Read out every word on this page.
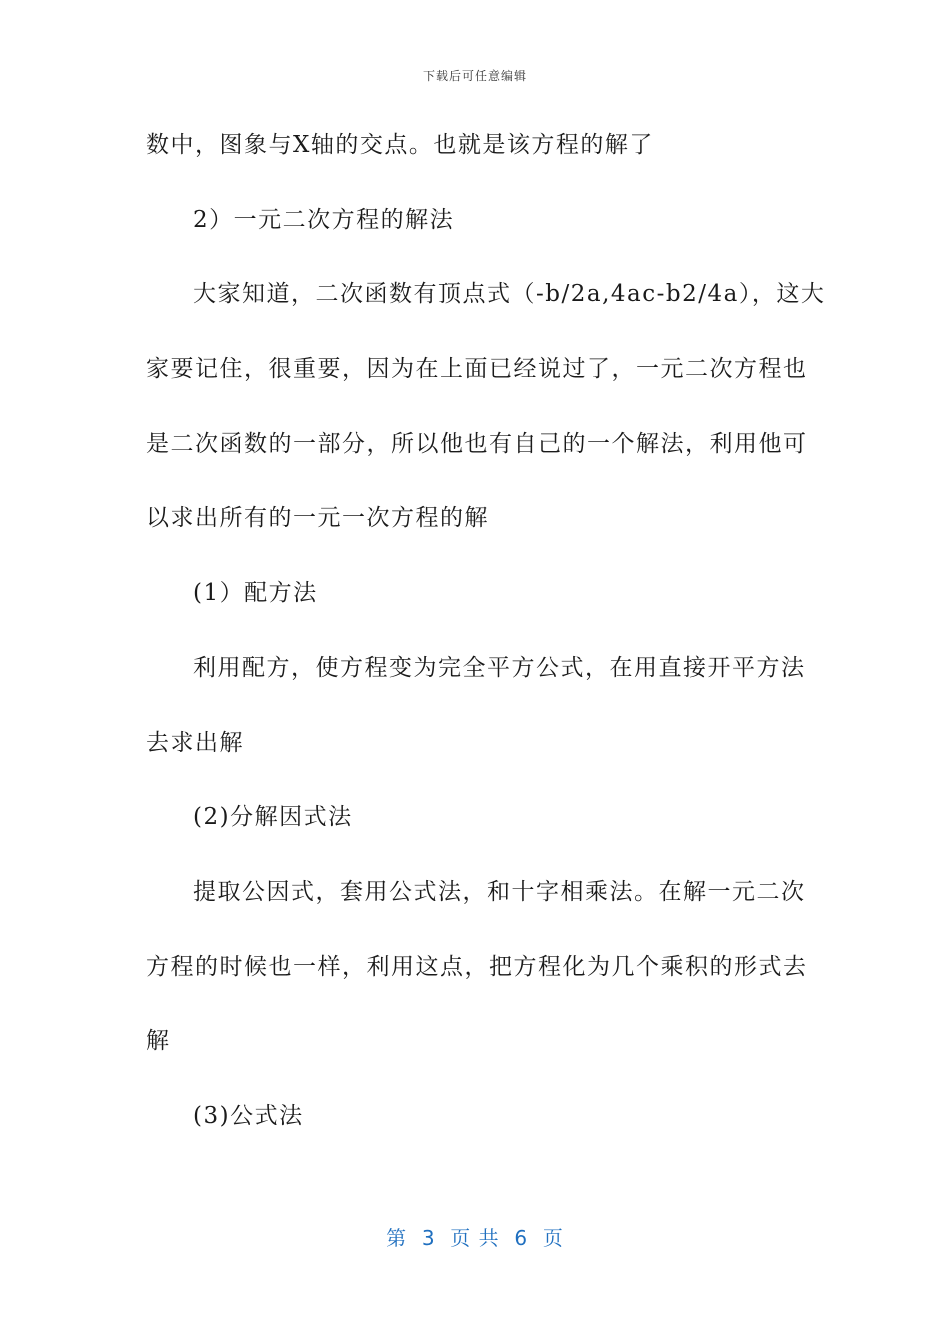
下载后可任意编辑
数中，图象与X轴的交点。也就是该方程的解了
2）一元二次方程的解法
大家知道，二次函数有顶点式（-b/2a,4ac-b2/4a），这大
家要记住，很重要，因为在上面已经说过了，一元二次方程也
是二次函数的一部分，所以他也有自己的一个解法，利用他可
以求出所有的一元一次方程的解
(1）配方法
利用配方，使方程变为完全平方公式，在用直接开平方法
去求出解
(2)分解因式法
提取公因式，套用公式法，和十字相乘法。在解一元二次
方程的时候也一样，利用这点，把方程化为几个乘积的形式去
解
(3)公式法
第  3  页 共  6  页
